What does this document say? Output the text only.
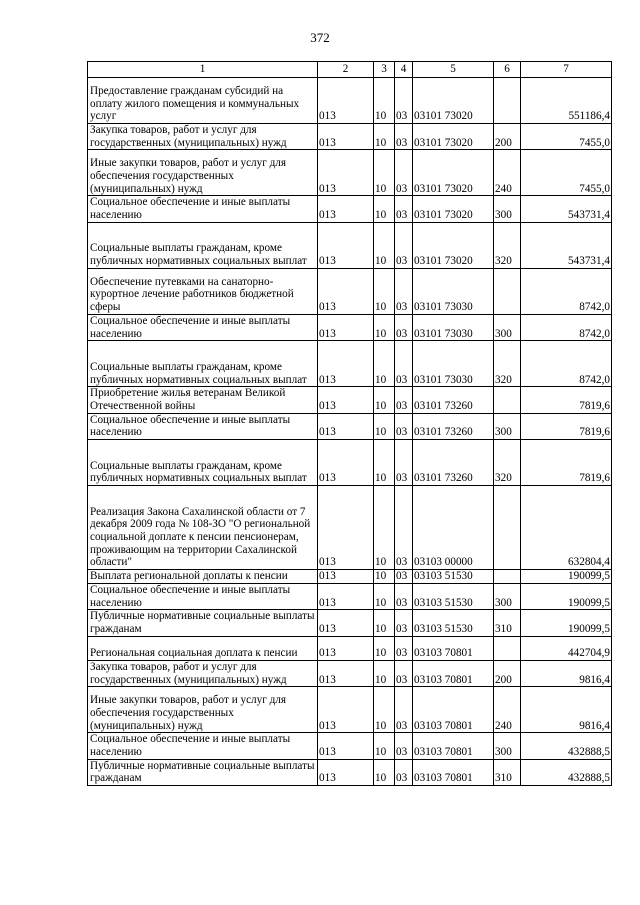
372
1	2	3	4	5	6	7
Предоставление гражданам субсидий на оплату жилого помещения и коммунальных услуг	013	10	03	03101 73020		551186,4
Закупка товаров, работ и услуг для государственных (муниципальных) нужд	013	10	03	03101 73020	200	7455,0
Иные закупки товаров, работ и услуг для обеспечения государственных (муниципальных) нужд	013	10	03	03101 73020	240	7455,0
Социальное обеспечение и иные выплаты населению	013	10	03	03101 73020	300	543731,4
Социальные выплаты гражданам, кроме публичных нормативных социальных выплат	013	10	03	03101 73020	320	543731,4
Обеспечение путевками на санаторно-курортное лечение работников бюджетной сферы	013	10	03	03101 73030		8742,0
Социальное обеспечение и иные выплаты населению	013	10	03	03101 73030	300	8742,0
Социальные выплаты гражданам, кроме публичных нормативных социальных выплат	013	10	03	03101 73030	320	8742,0
Приобретение жилья ветеранам Великой Отечественной войны	013	10	03	03101 73260		7819,6
Социальное обеспечение и иные выплаты населению	013	10	03	03101 73260	300	7819,6
Социальные выплаты гражданам, кроме публичных нормативных социальных выплат	013	10	03	03101 73260	320	7819,6
Реализация Закона Сахалинской области от 7 декабря 2009 года № 108-ЗО "О региональной социальной доплате к пенсии пенсионерам, проживающим на территории Сахалинской области"	013	10	03	03103 00000		632804,4
Выплата региональной доплаты к пенсии	013	10	03	03103 51530		190099,5
Социальное обеспечение и иные выплаты населению	013	10	03	03103 51530	300	190099,5
Публичные нормативные социальные выплаты гражданам	013	10	03	03103 51530	310	190099,5
Региональная социальная доплата к пенсии	013	10	03	03103 70801		442704,9
Закупка товаров, работ и услуг для государственных (муниципальных) нужд	013	10	03	03103 70801	200	9816,4
Иные закупки товаров, работ и услуг для обеспечения государственных (муниципальных) нужд	013	10	03	03103 70801	240	9816,4
Социальное обеспечение и иные выплаты населению	013	10	03	03103 70801	300	432888,5
Публичные нормативные социальные выплаты гражданам	013	10	03	03103 70801	310	432888,5
